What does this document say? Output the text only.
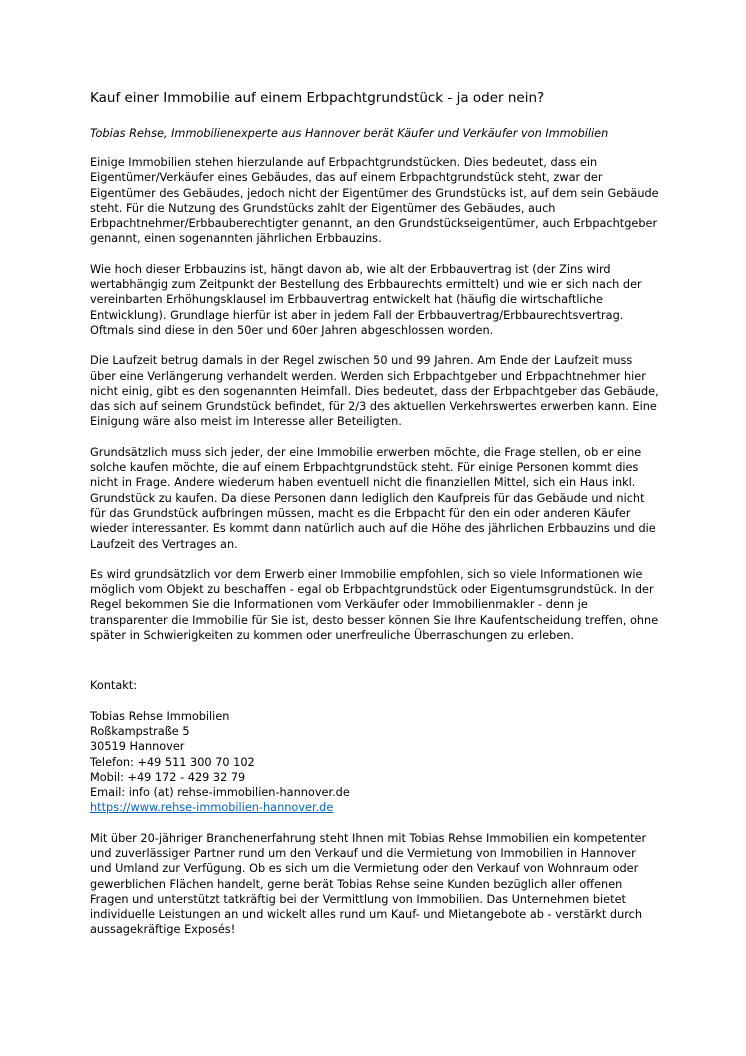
Kauf einer Immobilie auf einem Erbpachtgrundstück - ja oder nein?

Tobias Rehse, Immobilienexperte aus Hannover berät Käufer und Verkäufer von Immobilien

Einige Immobilien stehen hierzulande auf Erbpachtgrundstücken. Dies bedeutet, dass ein Eigentümer/Verkäufer eines Gebäudes, das auf einem Erbpachtgrundstück steht, zwar der Eigentümer des Gebäudes, jedoch nicht der Eigentümer des Grundstücks ist, auf dem sein Gebäude steht. Für die Nutzung des Grundstücks zahlt der Eigentümer des Gebäudes, auch Erbpachtnehmer/Erbbauberechtigter genannt, an den Grundstückseigentümer, auch Erbpachtgeber genannt, einen sogenannten jährlichen Erbbauzins.

Wie hoch dieser Erbbauzins ist, hängt davon ab, wie alt der Erbbauvertrag ist (der Zins wird wertabhängig zum Zeitpunkt der Bestellung des Erbbaurechts ermittelt) und wie er sich nach der vereinbarten Erhöhungsklausel im Erbbauvertrag entwickelt hat (häufig die wirtschaftliche Entwicklung). Grundlage hierfür ist aber in jedem Fall der Erbbauvertrag/Erbbaurechtsvertrag. Oftmals sind diese in den 50er und 60er Jahren abgeschlossen worden.

Die Laufzeit betrug damals in der Regel zwischen 50 und 99 Jahren. Am Ende der Laufzeit muss über eine Verlängerung verhandelt werden. Werden sich Erbpachtgeber und Erbpachtnehmer hier nicht einig, gibt es den sogenannten Heimfall. Dies bedeutet, dass der Erbpachtgeber das Gebäude, das sich auf seinem Grundstück befindet, für 2/3 des aktuellen Verkehrswertes erwerben kann. Eine Einigung wäre also meist im Interesse aller Beteiligten.

Grundsätzlich muss sich jeder, der eine Immobilie erwerben möchte, die Frage stellen, ob er eine solche kaufen möchte, die auf einem Erbpachtgrundstück steht. Für einige Personen kommt dies nicht in Frage. Andere wiederum haben eventuell nicht die finanziellen Mittel, sich ein Haus inkl. Grundstück zu kaufen. Da diese Personen dann lediglich den Kaufpreis für das Gebäude und nicht für das Grundstück aufbringen müssen, macht es die Erbpacht für den ein oder anderen Käufer wieder interessanter. Es kommt dann natürlich auch auf die Höhe des jährlichen Erbbauzins und die Laufzeit des Vertrages an.

Es wird grundsätzlich vor dem Erwerb einer Immobilie empfohlen, sich so viele Informationen wie möglich vom Objekt zu beschaffen - egal ob Erbpachtgrundstück oder Eigentumsgrundstück. In der Regel bekommen Sie die Informationen vom Verkäufer oder Immobilienmakler - denn je transparenter die Immobilie für Sie ist, desto besser können Sie Ihre Kaufentscheidung treffen, ohne später in Schwierigkeiten zu kommen oder unerfreuliche Überraschungen zu erleben.

Kontakt:

Tobias Rehse Immobilien
Roßkampstraße 5
30519 Hannover
Telefon: +49 511 300 70 102
Mobil: +49 172 - 429 32 79
Email: info (at) rehse-immobilien-hannover.de
https://www.rehse-immobilien-hannover.de

Mit über 20-jähriger Branchenerfahrung steht Ihnen mit Tobias Rehse Immobilien ein kompetenter und zuverlässiger Partner rund um den Verkauf und die Vermietung von Immobilien in Hannover und Umland zur Verfügung. Ob es sich um die Vermietung oder den Verkauf von Wohnraum oder gewerblichen Flächen handelt, gerne berät Tobias Rehse seine Kunden bezüglich aller offenen Fragen und unterstützt tatkräftig bei der Vermittlung von Immobilien. Das Unternehmen bietet individuelle Leistungen an und wickelt alles rund um Kauf- und Mietangebote ab - verstärkt durch aussagekräftige Exposés!
